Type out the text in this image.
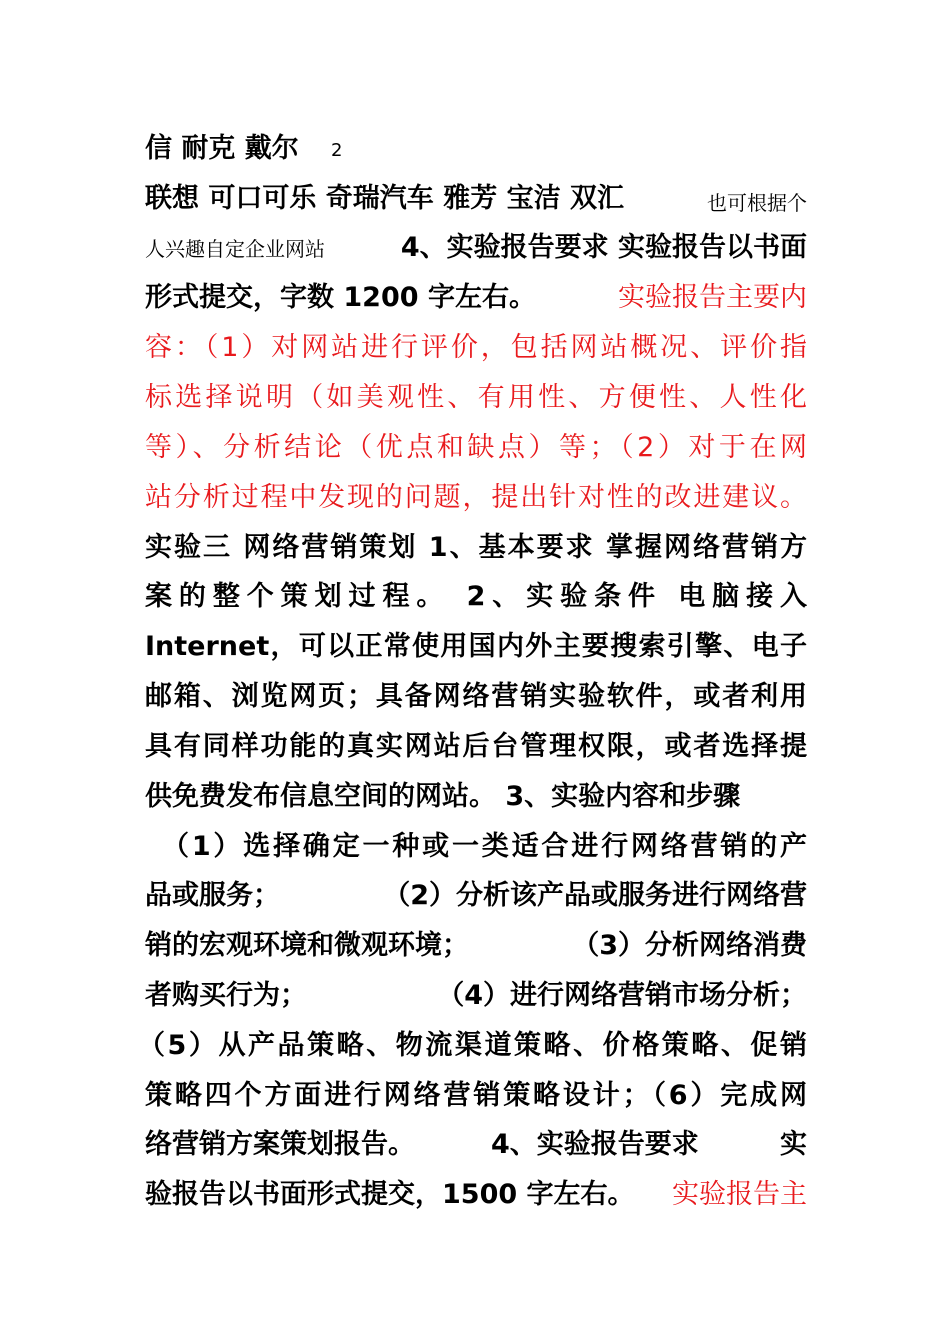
信 耐克 戴尔 2
联想 可口可乐 奇瑞汽车 雅芳 宝洁 双汇	也可根据个
人兴趣自定企业网站	4、实验报告要求 实验报告以书面
形式提交，字数 1200 字左右。	实验报告主要内
容：（1）对网站进行评价，包括网站概况、评价指
标选择说明（如美观性、有用性、方便性、人性化
等）、分析结论（优点和缺点）等；（2）对于在网
站分析过程中发现的问题，提出针对性的改进建议。
实验三 网络营销策划 1、基本要求 掌握网络营销方
案的整个策划过程。 2、实验条件 电脑接入
Internet，可以正常使用国内外主要搜索引擎、电子
邮箱、浏览网页；具备网络营销实验软件，或者利用
具有同样功能的真实网站后台管理权限，或者选择提
供免费发布信息空间的网站。 3、实验内容和步骤
（1）选择确定一种或一类适合进行网络营销的产
品或服务；	（2）分析该产品或服务进行网络营
销的宏观环境和微观环境；	（3）分析网络消费
者购买行为；	（4）进行网络营销市场分析；
（5）从产品策略、物流渠道策略、价格策略、促销
策略四个方面进行网络营销策略设计；（6）完成网
络营销方案策划报告。	4、实验报告要求	实
验报告以书面形式提交，1500 字左右。 实验报告主
